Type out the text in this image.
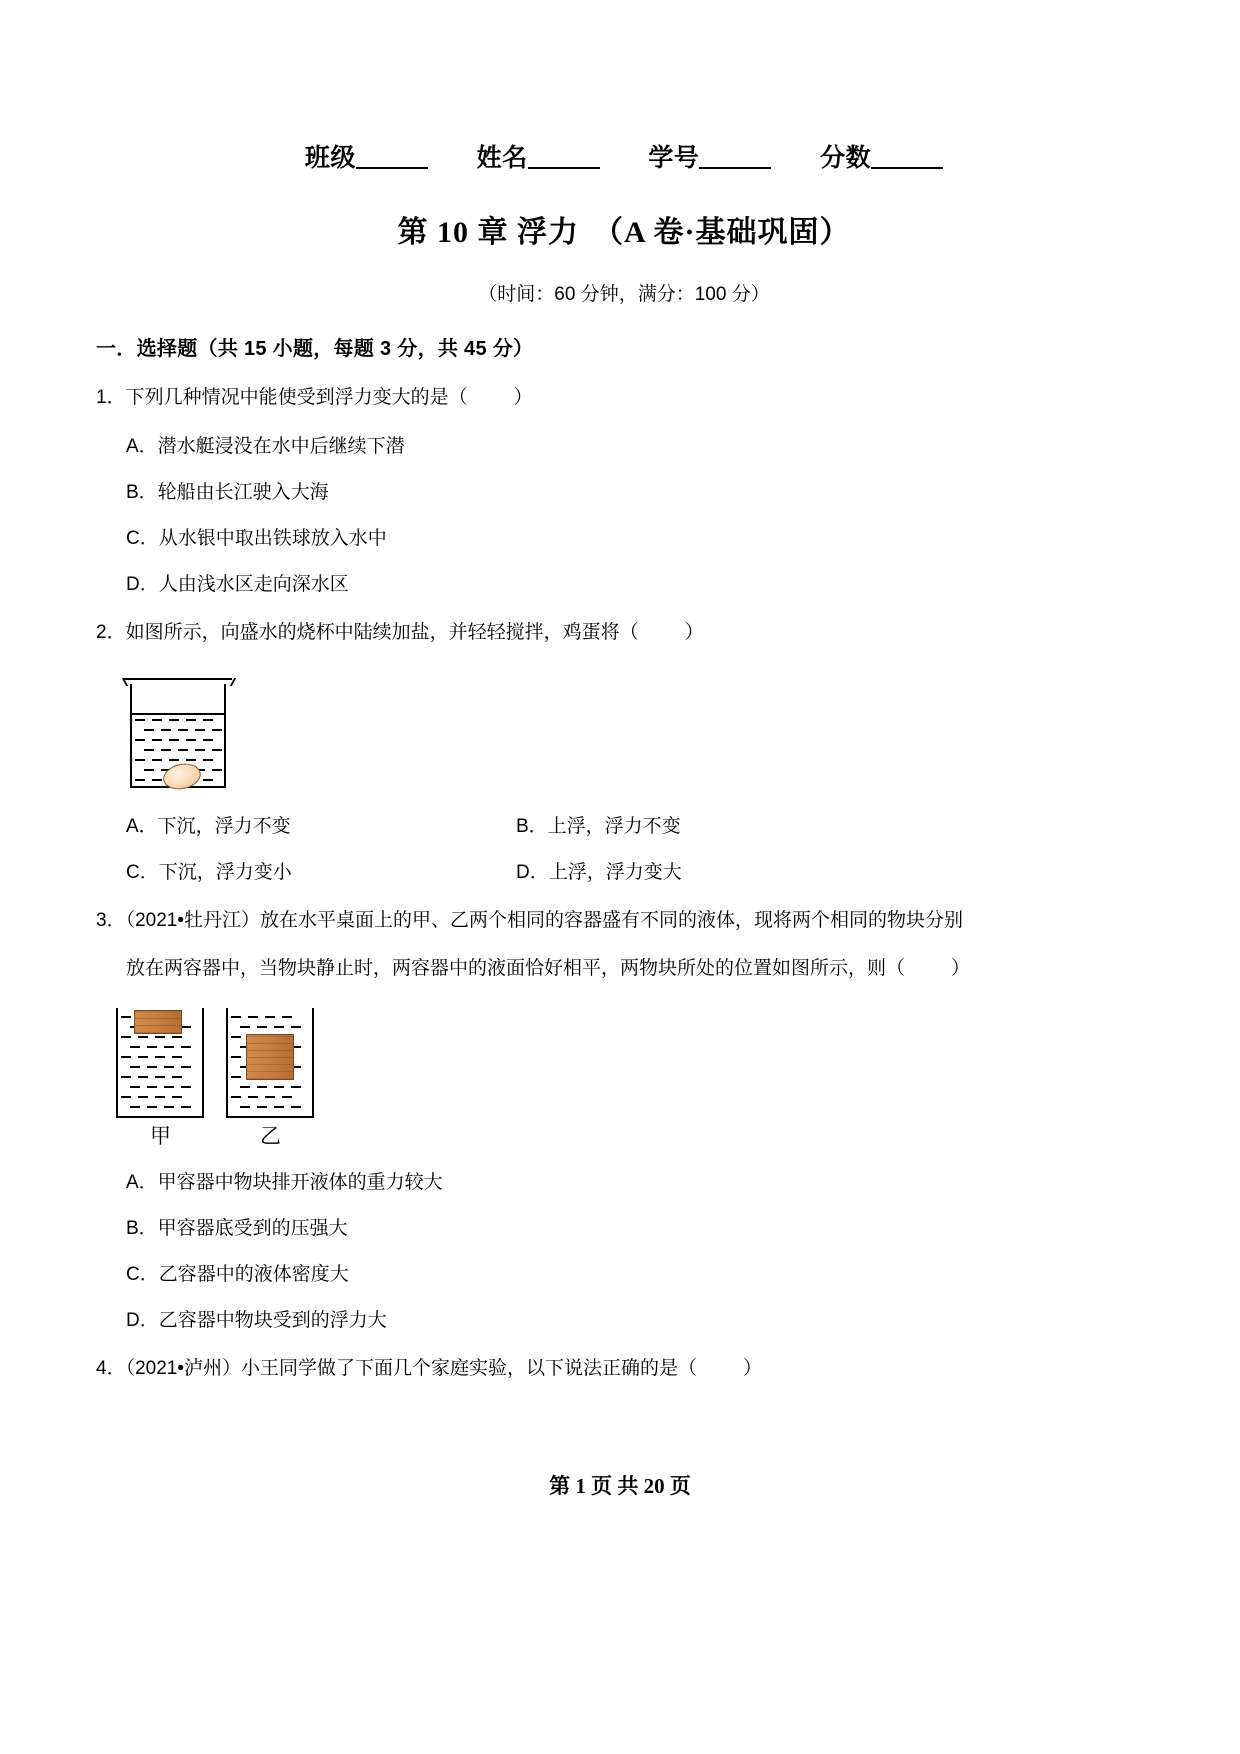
班级	姓名	学号	分数
第 10 章 浮力 （A 卷·基础巩固）
（时间：60 分钟，满分：100 分）
一．选择题（共 15 小题，每题 3 分，共 45 分）
1．下列几种情况中能使受到浮力变大的是（ ）
A．潜水艇浸没在水中后继续下潜
B．轮船由长江驶入大海
C．从水银中取出铁球放入水中
D．人由浅水区走向深水区
2．如图所示，向盛水的烧杯中陆续加盐，并轻轻搅拌，鸡蛋将（ ）
A．下沉，浮力不变	B．上浮，浮力不变
C．下沉，浮力变小	D．上浮，浮力变大
3．（2021•牡丹江）放在水平桌面上的甲、乙两个相同的容器盛有不同的液体，现将两个相同的物块分别
放在两容器中，当物块静止时，两容器中的液面恰好相平，两物块所处的位置如图所示，则（ ）
甲	乙
A．甲容器中物块排开液体的重力较大
B．甲容器底受到的压强大
C．乙容器中的液体密度大
D．乙容器中物块受到的浮力大
4．（2021•泸州）小王同学做了下面几个家庭实验，以下说法正确的是（ ）
第 1 页 共 20 页
